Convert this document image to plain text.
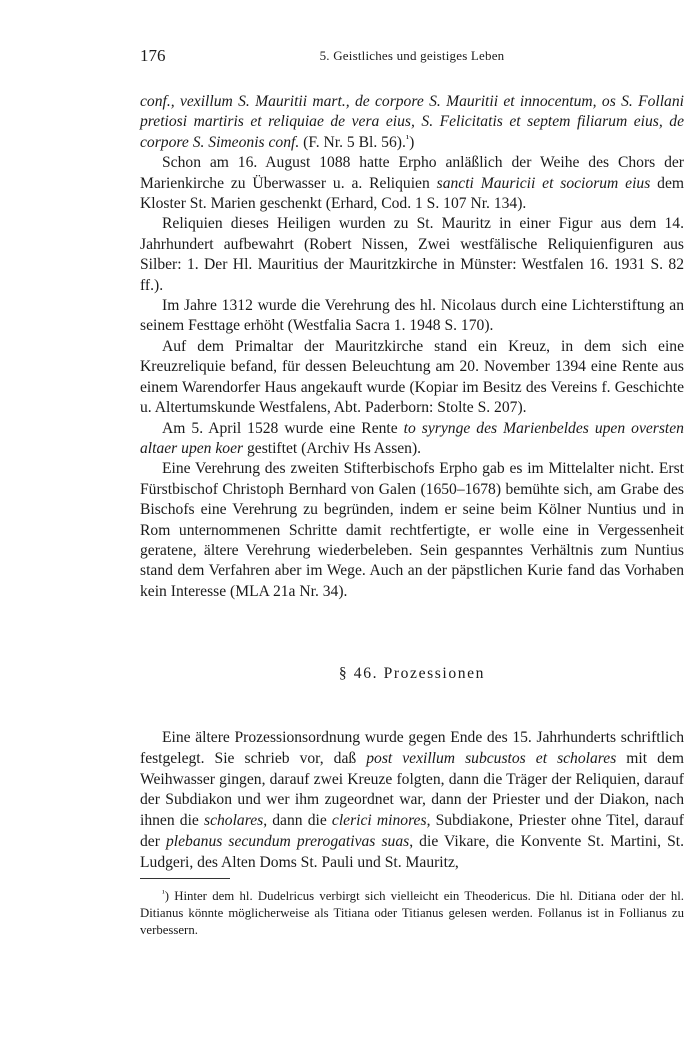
176	5. Geistliches und geistiges Leben

conf., vexillum S. Mauritii mart., de corpore S. Mauritii et innocentum, os S. Follani pretiosi martiris et reliquiae de vera eius, S. Felicitatis et septem filiarum eius, de corpore S. Simeonis conf. (F. Nr. 5 Bl. 56).$^{^1}$)

Schon am 16. August 1088 hatte Erpho anläßlich der Weihe des Chors der Marienkirche zu Überwasser u. a. Reliquien sancti Mauricii et sociorum eius dem Kloster St. Marien geschenkt (Erhard, Cod. 1 S. 107 Nr. 134).

Reliquien dieses Heiligen wurden zu St. Mauritz in einer Figur aus dem 14. Jahrhundert aufbewahrt (Robert Nissen, Zwei westfälische Reliquienfiguren aus Silber: 1. Der Hl. Mauritius der Mauritzkirche in Münster: Westfalen 16. 1931 S. 82 ff.).

Im Jahre 1312 wurde die Verehrung des hl. Nicolaus durch eine Lichterstiftung an seinem Festtage erhöht (Westfalia Sacra 1. 1948 S. 170).

Auf dem Primaltar der Mauritzkirche stand ein Kreuz, in dem sich eine Kreuzreliquie befand, für dessen Beleuchtung am 20. November 1394 eine Rente aus einem Warendorfer Haus angekauft wurde (Kopiar im Besitz des Vereins f. Geschichte u. Altertumskunde Westfalens, Abt. Paderborn: Stolte S. 207).

Am 5. April 1528 wurde eine Rente to syrynge des Marienbeldes upen oversten altaer upen koer gestiftet (Archiv Hs Assen).

Eine Verehrung des zweiten Stifterbischofs Erpho gab es im Mittelalter nicht. Erst Fürstbischof Christoph Bernhard von Galen (1650–1678) bemühte sich, am Grabe des Bischofs eine Verehrung zu begründen, indem er seine beim Kölner Nuntius und in Rom unternommenen Schritte damit rechtfertigte, er wolle eine in Vergessenheit geratene, ältere Verehrung wiederbeleben. Sein gespanntes Verhältnis zum Nuntius stand dem Verfahren aber im Wege. Auch an der päpstlichen Kurie fand das Vorhaben kein Interesse (MLA 21a Nr. 34).

§ 46. Prozessionen

Eine ältere Prozessionsordnung wurde gegen Ende des 15. Jahrhunderts schriftlich festgelegt. Sie schrieb vor, daß post vexillum subcustos et scholares mit dem Weihwasser gingen, darauf zwei Kreuze folgten, dann die Träger der Reliquien, darauf der Subdiakon und wer ihm zugeordnet war, dann der Priester und der Diakon, nach ihnen die scholares, dann die clerici minores, Subdiakone, Priester ohne Titel, darauf der plebanus secundum prerogativas suas, die Vikare, die Konvente St. Martini, St. Ludgeri, des Alten Doms St. Pauli und St. Mauritz,

$^{^1}$) Hinter dem hl. Dudelricus verbirgt sich vielleicht ein Theodericus. Die hl. Ditiana oder der hl. Ditianus könnte möglicherweise als Titiana oder Titianus gelesen werden. Follanus ist in Follianus zu verbessern.
